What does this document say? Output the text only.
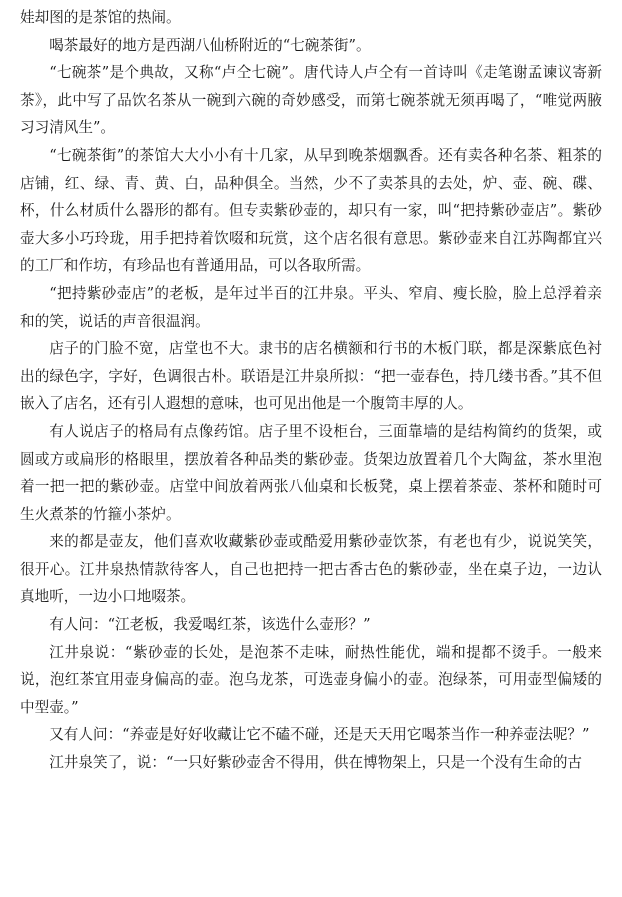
娃却图的是茶馆的热闹。

喝茶最好的地方是西湖八仙桥附近的“七碗茶街”。

“七碗茶”是个典故，又称“卢仝七碗”。唐代诗人卢仝有一首诗叫《走笔谢孟谏议寄新茶》，此中写了品饮名茶从一碗到六碗的奇妙感受，而第七碗茶就无须再喝了，“唯觉两腋习习清风生”。

“七碗茶街”的茶馆大大小小有十几家，从早到晚茶烟飘香。还有卖各种名茶、粗茶的店铺，红、绿、青、黄、白，品种俱全。当然，少不了卖茶具的去处，炉、壶、碗、碟、杯，什么材质什么器形的都有。但专卖紫砂壶的，却只有一家，叫“把持紫砂壶店”。紫砂壶大多小巧玲珑，用手把持着饮啜和玩赏，这个店名很有意思。紫砂壶来自江苏陶都宜兴的工厂和作坊，有珍品也有普通用品，可以各取所需。

“把持紫砂壶店”的老板，是年过半百的江井泉。平头、窄肩、瘦长脸，脸上总浮着亲和的笑，说话的声音很温润。

店子的门脸不宽，店堂也不大。隶书的店名横额和行书的木板门联，都是深紫底色衬出的绿色字，字好，色调很古朴。联语是江井泉所拟：“把一壶春色，持几缕书香。”其不但嵌入了店名，还有引人遐想的意味，也可见出他是一个腹笥丰厚的人。

有人说店子的格局有点像药馆。店子里不设柜台，三面靠墙的是结构简约的货架，或圆或方或扁形的格眼里，摆放着各种品类的紫砂壶。货架边放置着几个大陶盆，茶水里泡着一把一把的紫砂壶。店堂中间放着两张八仙桌和长板凳，桌上摆着茶壶、茶杯和随时可生火煮茶的竹箍小茶炉。

来的都是壶友，他们喜欢收藏紫砂壶或酷爱用紫砂壶饮茶，有老也有少，说说笑笑，很开心。江井泉热情款待客人，自己也把持一把古香古色的紫砂壶，坐在桌子边，一边认真地听，一边小口地啜茶。

有人问：“江老板，我爱喝红茶，该选什么壶形？”

江井泉说：“紫砂壶的长处，是泡茶不走味，耐热性能优，端和提都不烫手。一般来说，泡红茶宜用壶身偏高的壶。泡乌龙茶，可选壶身偏小的壶。泡绿茶，可用壶型偏矮的中型壶。”

又有人问：“养壶是好好收藏让它不磕不碰，还是天天用它喝茶当作一种养壶法呢？”

江井泉笑了，说：“一只好紫砂壶舍不得用，供在博物架上，只是一个没有生命的古
